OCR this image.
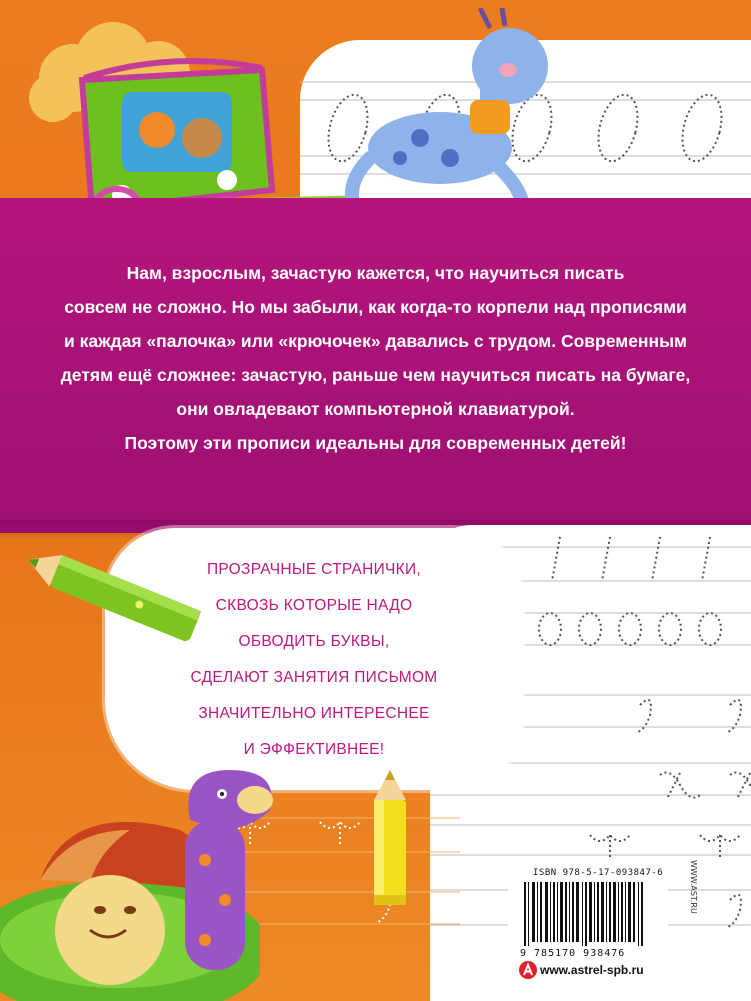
Нам, взрослым, зачастую кажется, что научиться писать

совсем не сложно. Но мы забыли, как когда-то корпели над прописями

и каждая «палочка» или «крючочек» давались с трудом. Современным

детям ещё сложнее: зачастую, раньше чем научиться писать на бумаге,

они овладевают компьютерной клавиатурой.

Поэтому эти прописи идеальны для современных детей!

ПРОЗРАЧНЫЕ СТРАНИЧКИ,

СКВОЗЬ КОТОРЫЕ НАДО

ОБВОДИТЬ БУКВЫ,

СДЕЛАЮТ ЗАНЯТИЯ ПИСЬМОМ

ЗНАЧИТЕЛЬНО ИНТЕРЕСНЕЕ

И ЭФФЕКТИВНЕЕ!

ISBN 978-5-17-093847-6
9 785170 938476
WWW.AST.RU
www.astrel-spb.ru
